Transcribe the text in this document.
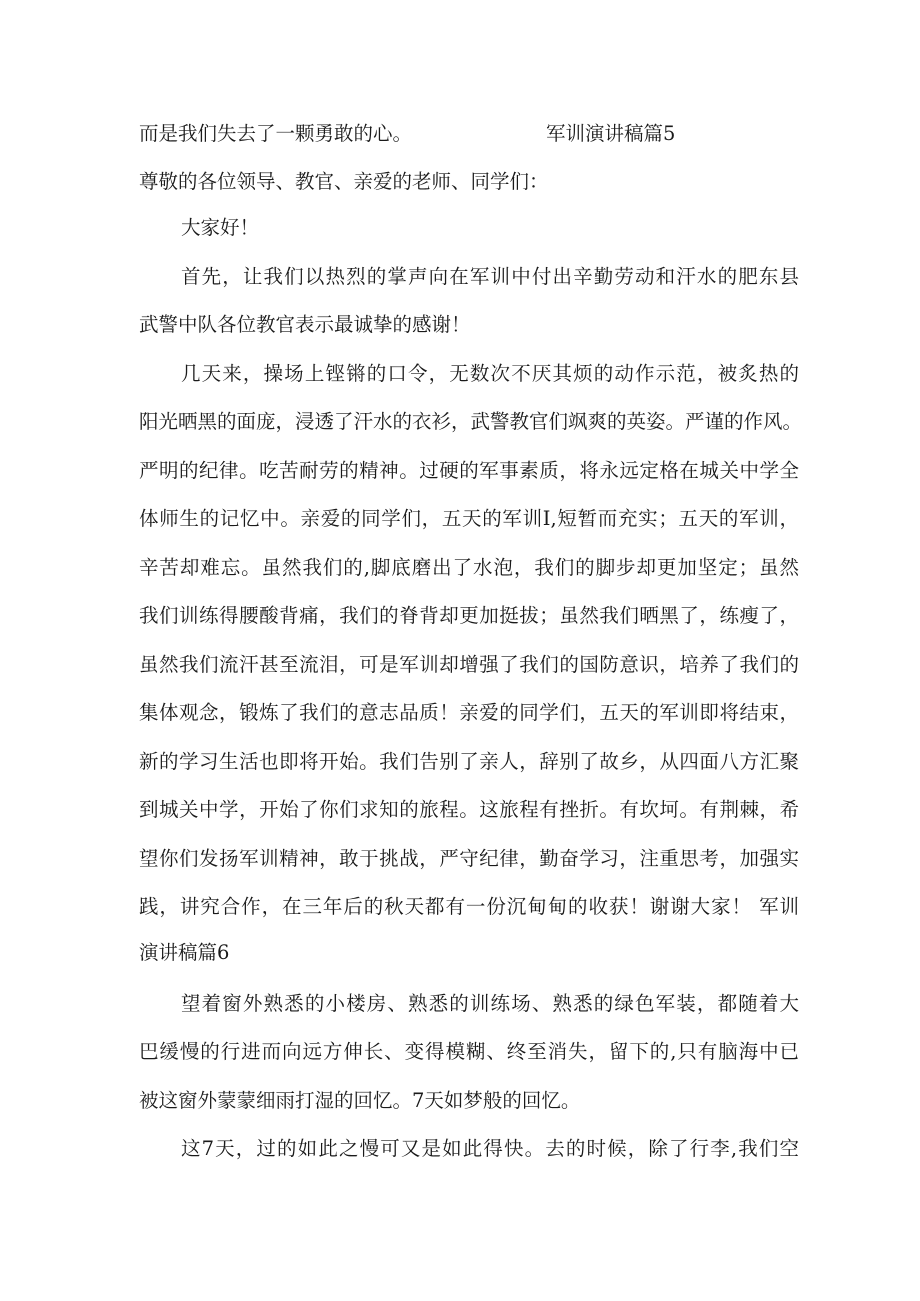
而是我们失去了一颗勇敢的心。	军训演讲稿篇5
尊敬的各位领导、教官、亲爱的老师、同学们：
大家好！
首先，让我们以热烈的掌声向在军训中付出辛勤劳动和汗水的肥东县
武警中队各位教官表示最诚挚的感谢！
几天来，操场上铿锵的口令，无数次不厌其烦的动作示范，被炙热的
阳光晒黑的面庞，浸透了汗水的衣衫，武警教官们飒爽的英姿。严谨的作风。
严明的纪律。吃苦耐劳的精神。过硬的军事素质，将永远定格在城关中学全
体师生的记忆中。亲爱的同学们，五天的军训I,短暂而充实；五天的军训，
辛苦却难忘。虽然我们的,脚底磨出了水泡，我们的脚步却更加坚定；虽然
我们训练得腰酸背痛，我们的脊背却更加挺拔；虽然我们晒黑了，练瘦了，
虽然我们流汗甚至流泪，可是军训却增强了我们的国防意识，培养了我们的
集体观念，锻炼了我们的意志品质！亲爱的同学们，五天的军训即将结束，
新的学习生活也即将开始。我们告别了亲人，辞别了故乡，从四面八方汇聚
到城关中学，开始了你们求知的旅程。这旅程有挫折。有坎坷。有荆棘，希
望你们发扬军训精神，敢于挑战，严守纪律，勤奋学习，注重思考，加强实
践，讲究合作，在三年后的秋天都有一份沉甸甸的收获！谢谢大家！ 军训
演讲稿篇6
望着窗外熟悉的小楼房、熟悉的训练场、熟悉的绿色军装，都随着大
巴缓慢的行进而向远方伸长、变得模糊、终至消失，留下的,只有脑海中已
被这窗外蒙蒙细雨打湿的回忆。7天如梦般的回忆。
这7天，过的如此之慢可又是如此得快。去的时候，除了行李,我们空
